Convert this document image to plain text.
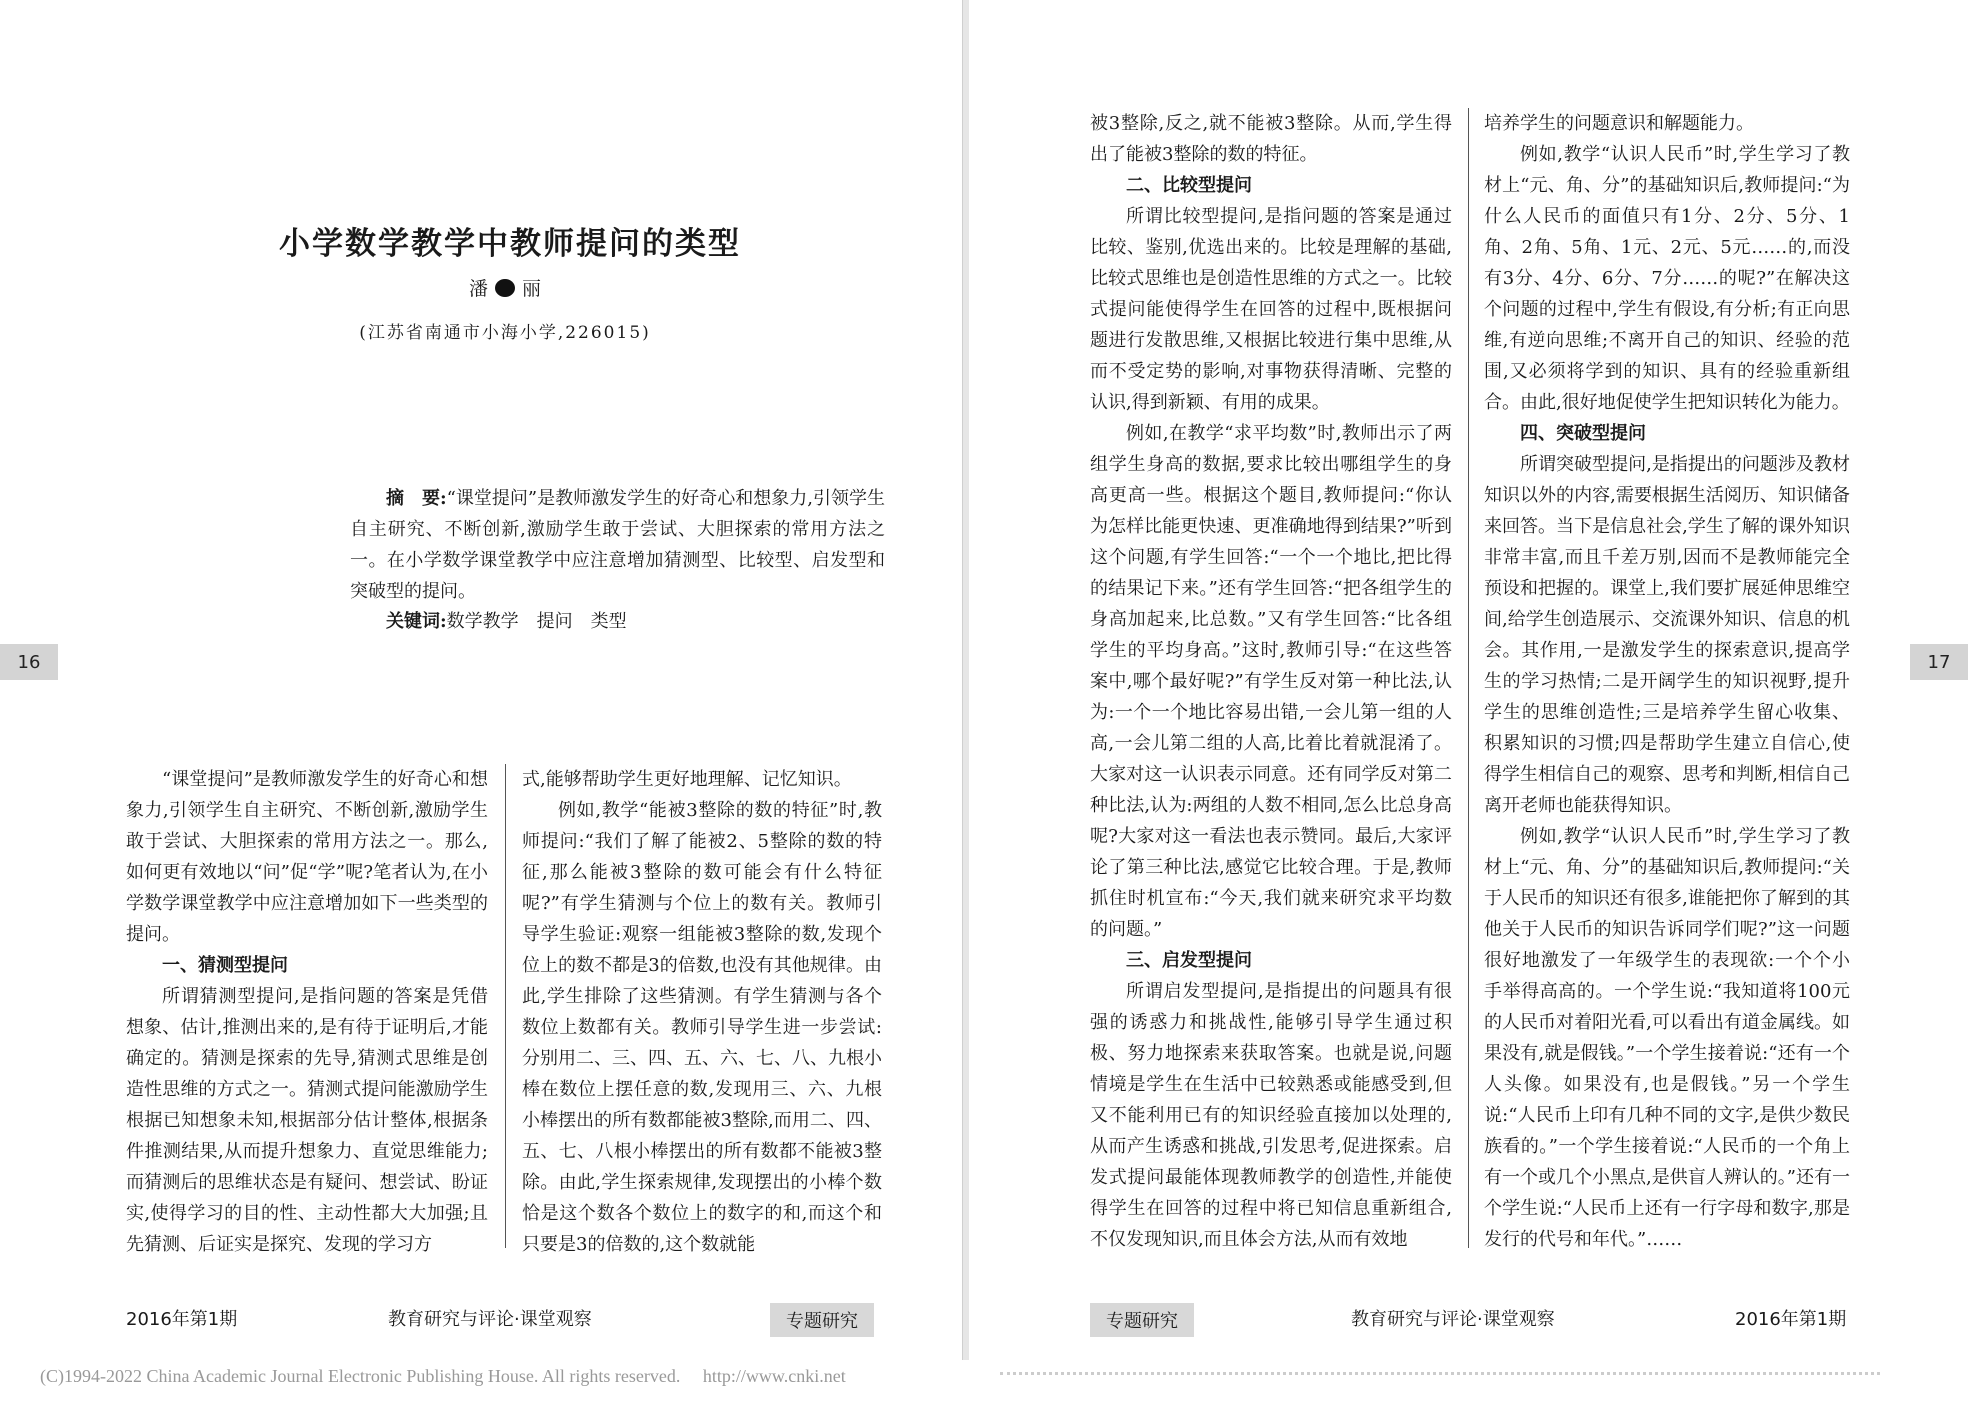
16
小学数学教学中教师提问的类型
潘 丽
(江苏省南通市小海小学,226015)
摘　要:“课堂提问”是教师激发学生的好奇心和想象力,引领学生自主研究、不断创新,激励学生敢于尝试、大胆探索的常用方法之一。在小学数学课堂教学中应注意增加猜测型、比较型、启发型和突破型的提问。
关键词:数学教学　提问　类型

“课堂提问”是教师激发学生的好奇心和想象力,引领学生自主研究、不断创新,激励学生敢于尝试、大胆探索的常用方法之一。那么,如何更有效地以“问”促“学”呢?笔者认为,在小学数学课堂教学中应注意增加如下一些类型的提问。

一、猜测型提问

所谓猜测型提问,是指问题的答案是凭借想象、估计,推测出来的,是有待于证明后,才能确定的。猜测是探索的先导,猜测式思维是创造性思维的方式之一。猜测式提问能激励学生根据已知想象未知,根据部分估计整体,根据条件推测结果,从而提升想象力、直觉思维能力;而猜测后的思维状态是有疑问、想尝试、盼证实,使得学习的目的性、主动性都大大加强;且先猜测、后证实是探究、发现的学习方

式,能够帮助学生更好地理解、记忆知识。

例如,教学“能被3整除的数的特征”时,教师提问:“我们了解了能被2、5整除的数的特征,那么能被3整除的数可能会有什么特征呢?”有学生猜测与个位上的数有关。教师引导学生验证:观察一组能被3整除的数,发现个位上的数不都是3的倍数,也没有其他规律。由此,学生排除了这些猜测。有学生猜测与各个数位上数都有关。教师引导学生进一步尝试:分别用二、三、四、五、六、七、八、九根小棒在数位上摆任意的数,发现用三、六、九根小棒摆出的所有数都能被3整除,而用二、四、五、七、八根小棒摆出的所有数都不能被3整除。由此,学生探索规律,发现摆出的小棒个数恰是这个数各个数位上的数字的和,而这个和只要是3的倍数的,这个数就能

2016年第1期	教育研究与评论·课堂观察	专题研究

被3整除,反之,就不能被3整除。从而,学生得出了能被3整除的数的特征。

二、比较型提问

所谓比较型提问,是指问题的答案是通过比较、鉴别,优选出来的。比较是理解的基础,比较式思维也是创造性思维的方式之一。比较式提问能使得学生在回答的过程中,既根据问题进行发散思维,又根据比较进行集中思维,从而不受定势的影响,对事物获得清晰、完整的认识,得到新颖、有用的成果。

例如,在教学“求平均数”时,教师出示了两组学生身高的数据,要求比较出哪组学生的身高更高一些。根据这个题目,教师提问:“你认为怎样比能更快速、更准确地得到结果?”听到这个问题,有学生回答:“一个一个地比,把比得的结果记下来。”还有学生回答:“把各组学生的身高加起来,比总数。”又有学生回答:“比各组学生的平均身高。”这时,教师引导:“在这些答案中,哪个最好呢?”有学生反对第一种比法,认为:一个一个地比容易出错,一会儿第一组的人高,一会儿第二组的人高,比着比着就混淆了。大家对这一认识表示同意。还有同学反对第二种比法,认为:两组的人数不相同,怎么比总身高呢?大家对这一看法也表示赞同。最后,大家评论了第三种比法,感觉它比较合理。于是,教师抓住时机宣布:“今天,我们就来研究求平均数的问题。”

三、启发型提问

所谓启发型提问,是指提出的问题具有很强的诱惑力和挑战性,能够引导学生通过积极、努力地探索来获取答案。也就是说,问题情境是学生在生活中已较熟悉或能感受到,但又不能利用已有的知识经验直接加以处理的,从而产生诱惑和挑战,引发思考,促进探索。启发式提问最能体现教师教学的创造性,并能使得学生在回答的过程中将已知信息重新组合,不仅发现知识,而且体会方法,从而有效地

培养学生的问题意识和解题能力。

例如,教学“认识人民币”时,学生学习了教材上“元、角、分”的基础知识后,教师提问:“为什么人民币的面值只有1分、2分、5分、1角、2角、5角、1元、2元、5元……的,而没有3分、4分、6分、7分……的呢?”在解决这个问题的过程中,学生有假设,有分析;有正向思维,有逆向思维;不离开自己的知识、经验的范围,又必须将学到的知识、具有的经验重新组合。由此,很好地促使学生把知识转化为能力。

四、突破型提问

所谓突破型提问,是指提出的问题涉及教材知识以外的内容,需要根据生活阅历、知识储备来回答。当下是信息社会,学生了解的课外知识非常丰富,而且千差万别,因而不是教师能完全预设和把握的。课堂上,我们要扩展延伸思维空间,给学生创造展示、交流课外知识、信息的机会。其作用,一是激发学生的探索意识,提高学生的学习热情;二是开阔学生的知识视野,提升学生的思维创造性;三是培养学生留心收集、积累知识的习惯;四是帮助学生建立自信心,使得学生相信自己的观察、思考和判断,相信自己离开老师也能获得知识。

例如,教学“认识人民币”时,学生学习了教材上“元、角、分”的基础知识后,教师提问:“关于人民币的知识还有很多,谁能把你了解到的其他关于人民币的知识告诉同学们呢?”这一问题很好地激发了一年级学生的表现欲:一个个小手举得高高的。一个学生说:“我知道将100元的人民币对着阳光看,可以看出有道金属线。如果没有,就是假钱。”一个学生接着说:“还有一个人头像。如果没有,也是假钱。”另一个学生说:“人民币上印有几种不同的文字,是供少数民族看的。”一个学生接着说:“人民币的一个角上有一个或几个小黑点,是供盲人辨认的。”还有一个学生说:“人民币上还有一行字母和数字,那是发行的代号和年代。”……

17
专题研究	教育研究与评论·课堂观察	2016年第1期
(C)1994-2022 China Academic Journal Electronic Publishing House. All rights reserved.　 http://www.cnki.net
